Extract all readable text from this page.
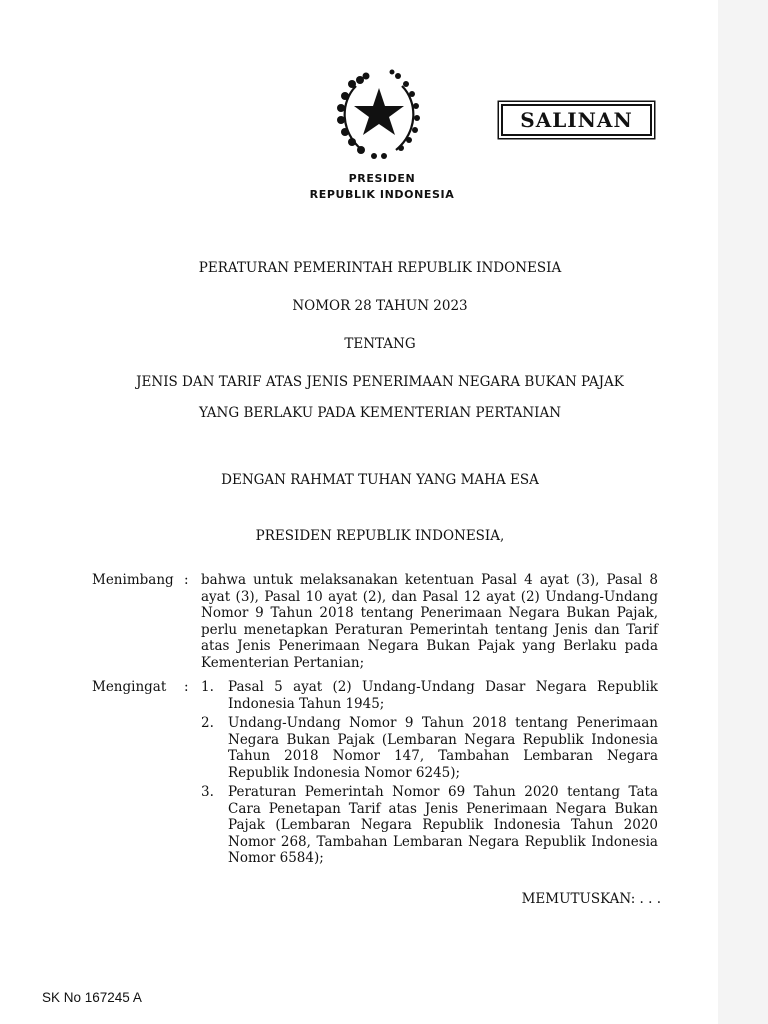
SALINAN
PRESIDEN
REPUBLIK INDONESIA
PERATURAN PEMERINTAH REPUBLIK INDONESIA
NOMOR 28 TAHUN 2023
TENTANG
JENIS DAN TARIF ATAS JENIS PENERIMAAN NEGARA BUKAN PAJAK
YANG BERLAKU PADA KEMENTERIAN PERTANIAN
DENGAN RAHMAT TUHAN YANG MAHA ESA
PRESIDEN REPUBLIK INDONESIA,
Menimbang : bahwa untuk melaksanakan ketentuan Pasal 4 ayat (3), Pasal 8 ayat (3), Pasal 10 ayat (2), dan Pasal 12 ayat (2) Undang-Undang Nomor 9 Tahun 2018 tentang Penerimaan Negara Bukan Pajak, perlu menetapkan Peraturan Pemerintah tentang Jenis dan Tarif atas Jenis Penerimaan Negara Bukan Pajak yang Berlaku pada Kementerian Pertanian;
Mengingat : 1. Pasal 5 ayat (2) Undang-Undang Dasar Negara Republik Indonesia Tahun 1945;
2. Undang-Undang Nomor 9 Tahun 2018 tentang Penerimaan Negara Bukan Pajak (Lembaran Negara Republik Indonesia Tahun 2018 Nomor 147, Tambahan Lembaran Negara Republik Indonesia Nomor 6245);
3. Peraturan Pemerintah Nomor 69 Tahun 2020 tentang Tata Cara Penetapan Tarif atas Jenis Penerimaan Negara Bukan Pajak (Lembaran Negara Republik Indonesia Tahun 2020 Nomor 268, Tambahan Lembaran Negara Republik Indonesia Nomor 6584);
MEMUTUSKAN: . . .
SK No 167245 A
